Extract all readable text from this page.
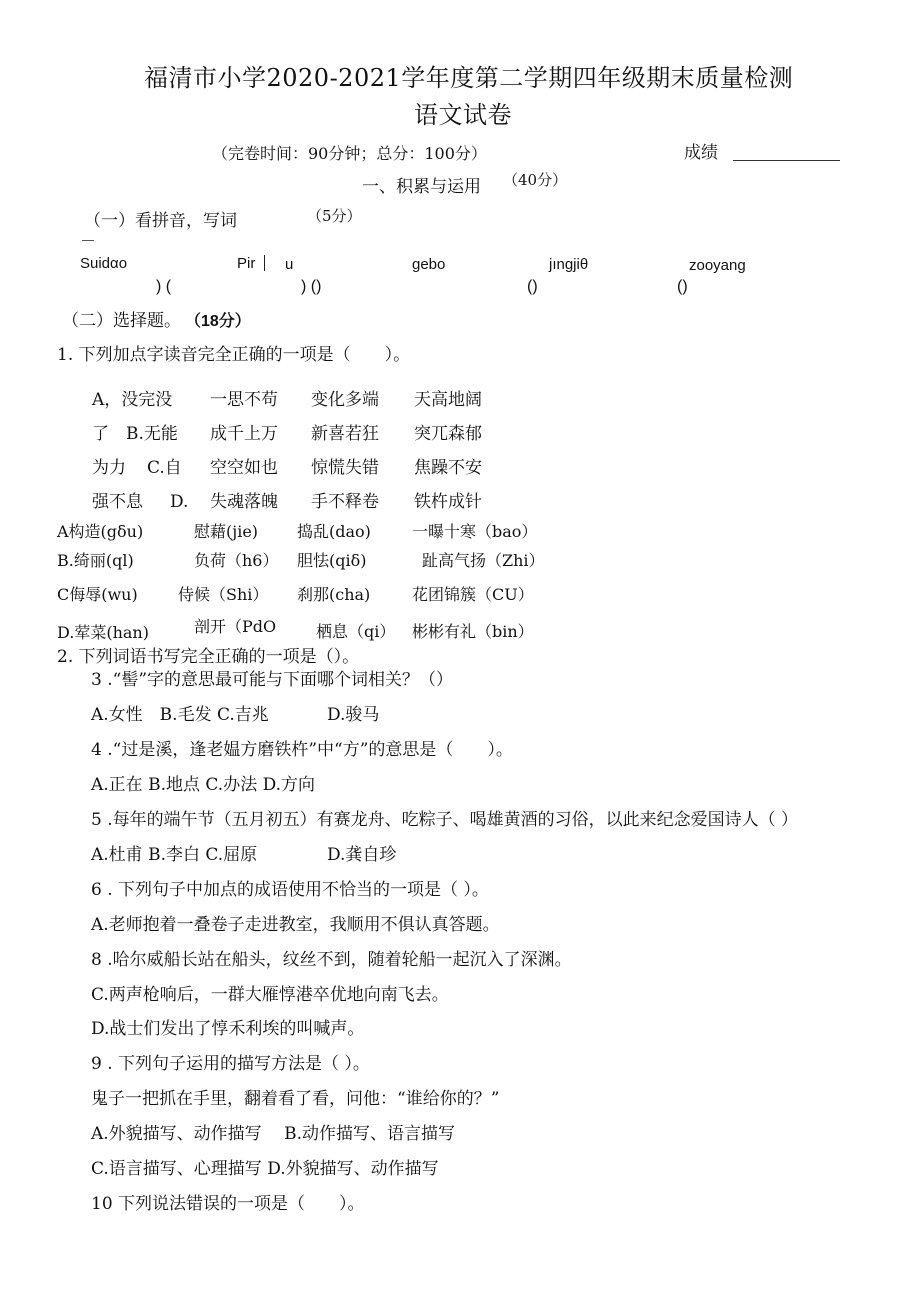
福清市小学2020-2021学年度第二学期四年级期末质量检测
语文试卷
（完卷时间：90分钟；总分：100分）	成绩
一、积累与运用 （40分）
（一）看拼音，写词	（5分）
Suidαo	Pir u	gebo	jıngjiθ	zooyang
) (	) ()	()	()
（二）选择题。 （18分）
1. 下列加点字读音完全正确的一项是（　　）。
A，没完没 一思不苟 变化多端 天高地阔
了 B.无能 成千上万 新喜若狂 突兀森郁
为力 C.自 空空如也 惊慌失错 焦躁不安
强不息 D. 失魂落魄 手不释卷 铁杵成针
A构造(gδu)	慰藉(jie) 捣乱(dao)	一曝十寒（bao）
B.绮丽(ql)	负荷（h6） 胆怯(qiδ)	趾高气扬（Zhi）
C侮辱(wu)	侍候（Shi） 刹那(cha)	花团锦簇（CU）
D.荤菜(han)	剖开（PdO 栖息（qi） 彬彬有礼（bin）
2. 下列词语书写完全正确的一项是（）。
3 .“髻”字的意思最可能与下面哪个词相关？（）
A.女性　B.毛发 C.吉兆	D.骏马
4 .“过是溪，逢老媪方磨铁杵”中“方”的意思是（　　）。
A.正在 B.地点 C.办法 D.方向
5 .每年的端午节（五月初五）有赛龙舟、吃粽子、喝雄黄酒的习俗，以此来纪念爱国诗人（ ）
A.杜甫 B.李白 C.屈原	D.龚自珍
6 . 下列句子中加点的成语使用不恰当的一项是（ ）。
A.老师抱着一叠卷子走进教室，我顺用不俱认真答题。
8 .哈尔威船长站在船头，纹丝不到，随着轮船一起沉入了深渊。
C.两声枪响后，一群大雁惇港卒优地向南飞去。
D.战士们发出了惇禾利埃的叫喊声。
9 . 下列句子运用的描写方法是（ ）。
鬼子一把抓在手里，翻着看了看，问他：“谁给你的？”
A.外貌描写、动作描写　 B.动作描写、语言描写
C.语言描写、心理描写 D.外貌描写、动作描写
10 下列说法错误的一项是（　　）。
